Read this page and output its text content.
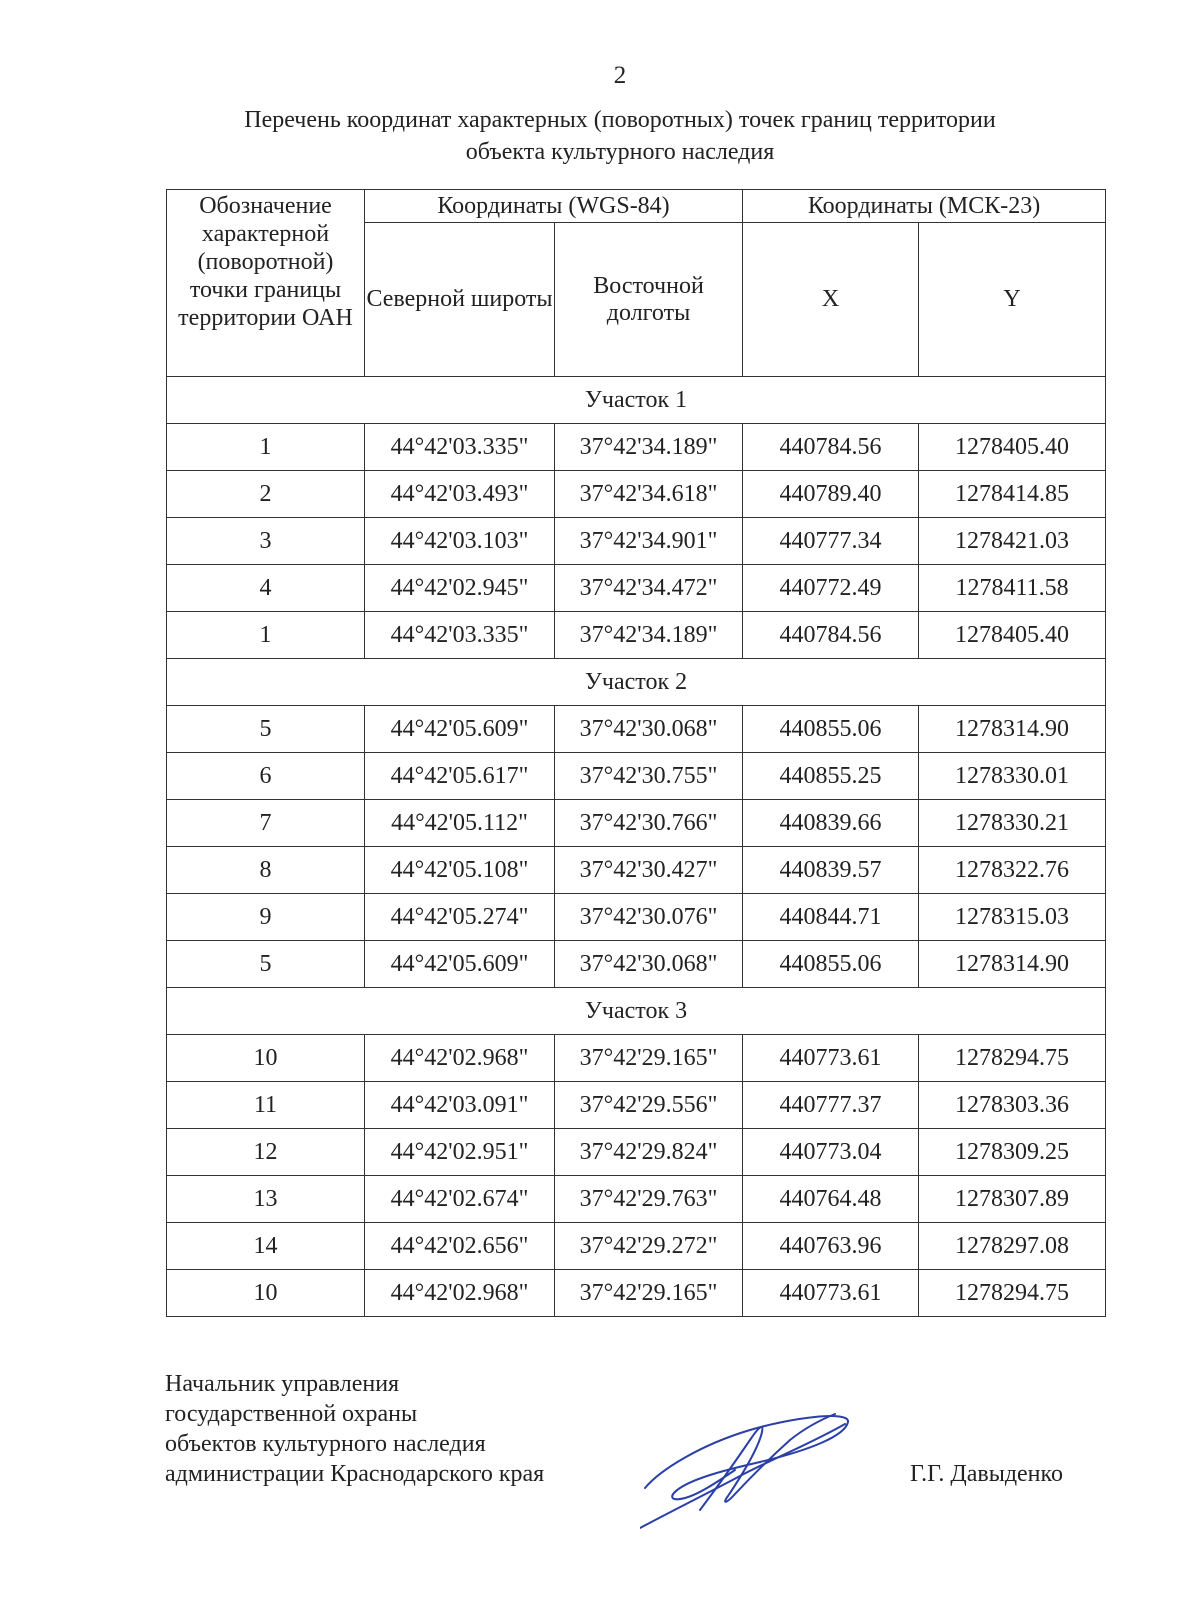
2
Перечень координат характерных (поворотных) точек границ территории
объекта культурного наследия
Обозначение характерной (поворотной) точки границы территории ОАН	Координаты (WGS-84)		Координаты (МСК-23)	
	Северной широты	Восточной долготы	X	Y
Участок 1				
1	44°42'03.335"	37°42'34.189"	440784.56	1278405.40
2	44°42'03.493"	37°42'34.618"	440789.40	1278414.85
3	44°42'03.103"	37°42'34.901"	440777.34	1278421.03
4	44°42'02.945"	37°42'34.472"	440772.49	1278411.58
1	44°42'03.335"	37°42'34.189"	440784.56	1278405.40
Участок 2				
5	44°42'05.609"	37°42'30.068"	440855.06	1278314.90
6	44°42'05.617"	37°42'30.755"	440855.25	1278330.01
7	44°42'05.112"	37°42'30.766"	440839.66	1278330.21
8	44°42'05.108"	37°42'30.427"	440839.57	1278322.76
9	44°42'05.274"	37°42'30.076"	440844.71	1278315.03
5	44°42'05.609"	37°42'30.068"	440855.06	1278314.90
Участок 3				
10	44°42'02.968"	37°42'29.165"	440773.61	1278294.75
11	44°42'03.091"	37°42'29.556"	440777.37	1278303.36
12	44°42'02.951"	37°42'29.824"	440773.04	1278309.25
13	44°42'02.674"	37°42'29.763"	440764.48	1278307.89
14	44°42'02.656"	37°42'29.272"	440763.96	1278297.08
10	44°42'02.968"	37°42'29.165"	440773.61	1278294.75
Начальник управления
государственной охраны
объектов культурного наследия
администрации Краснодарского края	Г.Г. Давыденко
